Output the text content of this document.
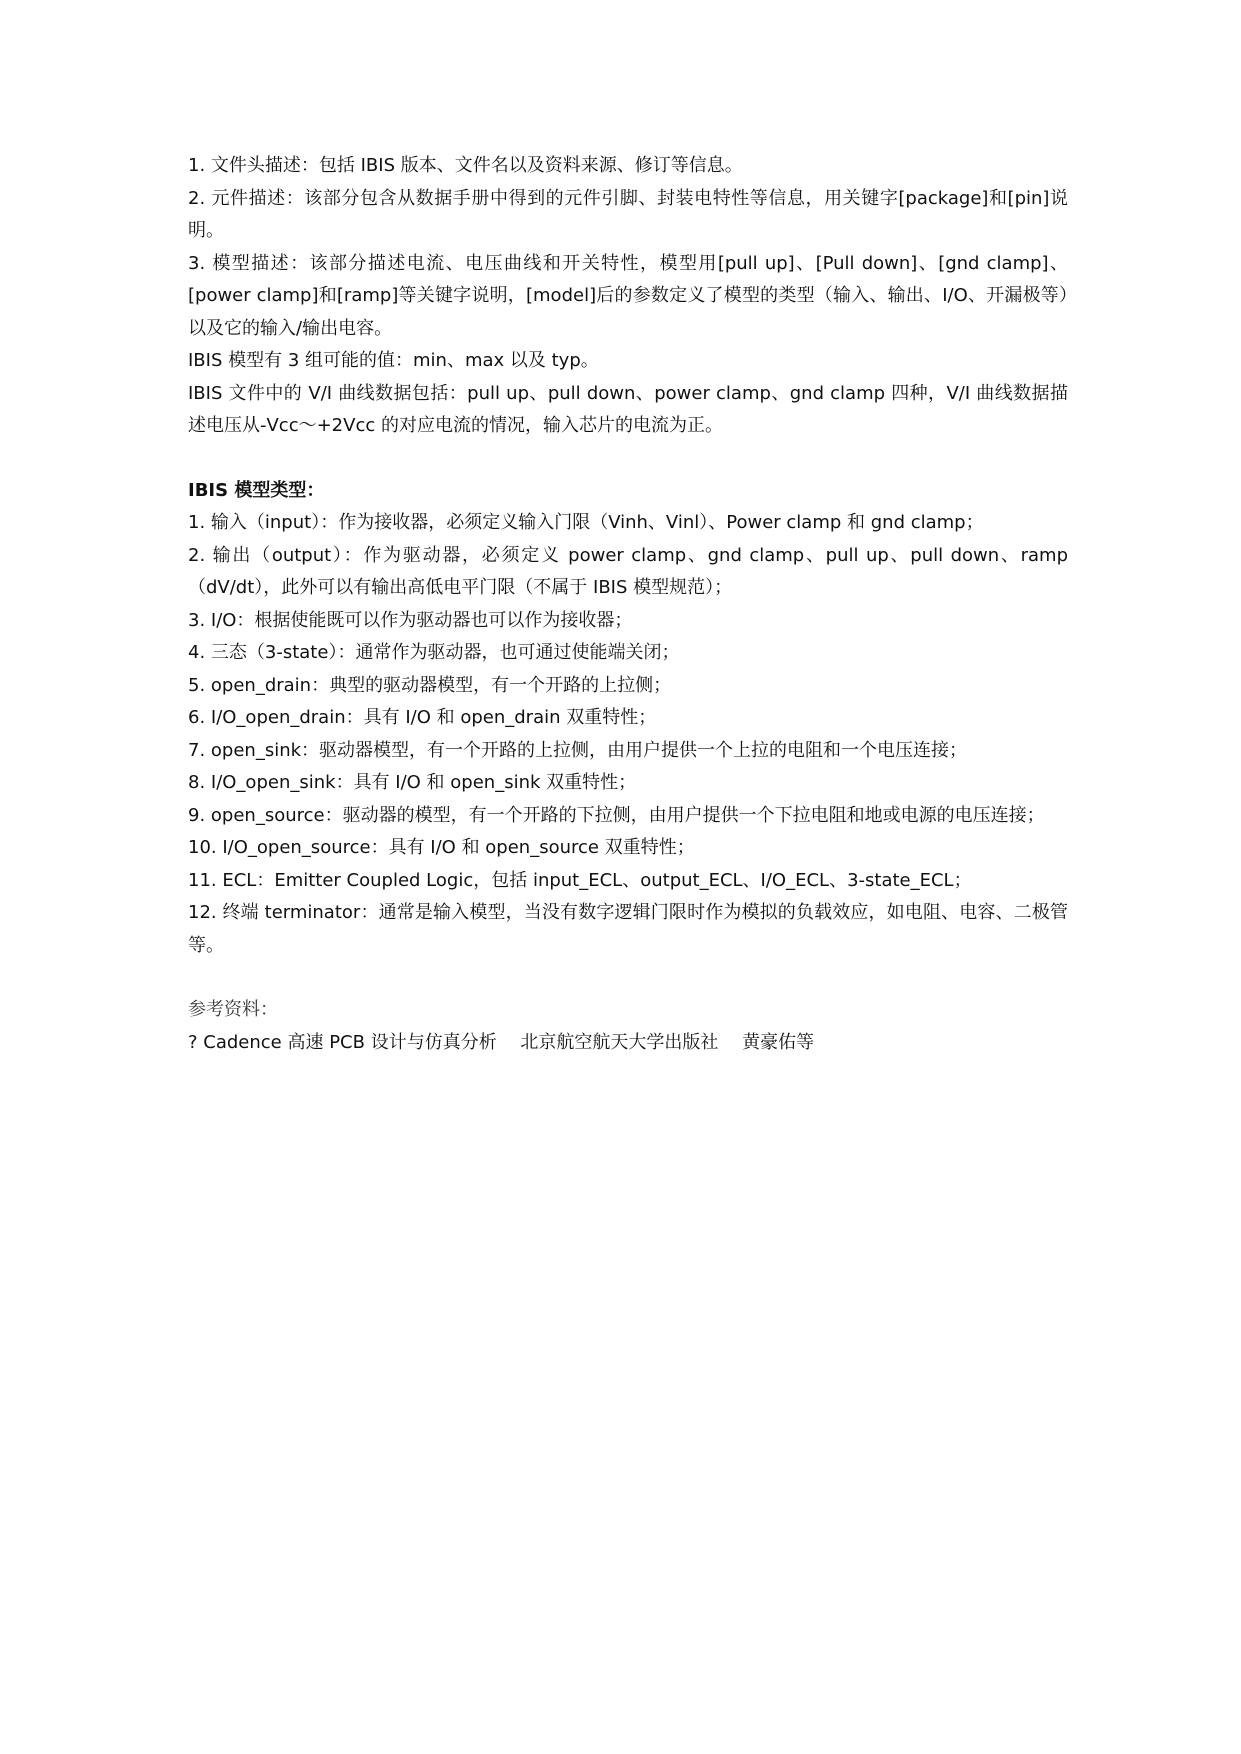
1. 文件头描述：包括 IBIS 版本、文件名以及资料来源、修订等信息。
2. 元件描述：该部分包含从数据手册中得到的元件引脚、封装电特性等信息，用关键字[package]和[pin]说明。
3. 模型描述：该部分描述电流、电压曲线和开关特性，模型用[pull up]、[Pull down]、[gnd clamp]、[power clamp]和[ramp]等关键字说明，[model]后的参数定义了模型的类型（输入、输出、I/O、开漏极等）以及它的输入/输出电容。
IBIS 模型有 3 组可能的值：min、max 以及 typ。
IBIS 文件中的 V/I 曲线数据包括：pull up、pull down、power clamp、gnd clamp 四种，V/I 曲线数据描述电压从-Vcc～+2Vcc 的对应电流的情况，输入芯片的电流为正。
IBIS 模型类型：
1. 输入（input）：作为接收器，必须定义输入门限（Vinh、Vinl）、Power clamp 和 gnd clamp；
2. 输出（output）：作为驱动器，必须定义 power clamp、gnd clamp、pull up、pull down、ramp（dV/dt），此外可以有输出高低电平门限（不属于 IBIS 模型规范）；
3. I/O：根据使能既可以作为驱动器也可以作为接收器；
4. 三态（3-state）：通常作为驱动器，也可通过使能端关闭；
5. open_drain：典型的驱动器模型，有一个开路的上拉侧；
6. I/O_open_drain：具有 I/O 和 open_drain 双重特性；
7. open_sink：驱动器模型，有一个开路的上拉侧，由用户提供一个上拉的电阻和一个电压连接；
8. I/O_open_sink：具有 I/O 和 open_sink 双重特性；
9. open_source：驱动器的模型，有一个开路的下拉侧，由用户提供一个下拉电阻和地或电源的电压连接；
10. I/O_open_source：具有 I/O 和 open_source 双重特性；
11. ECL：Emitter Coupled Logic，包括 input_ECL、output_ECL、I/O_ECL、3-state_ECL；
12. 终端 terminator：通常是输入模型，当没有数字逻辑门限时作为模拟的负载效应，如电阻、电容、二极管等。
参考资料：
? Cadence 高速 PCB 设计与仿真分析　 北京航空航天大学出版社　 黄豪佑等
